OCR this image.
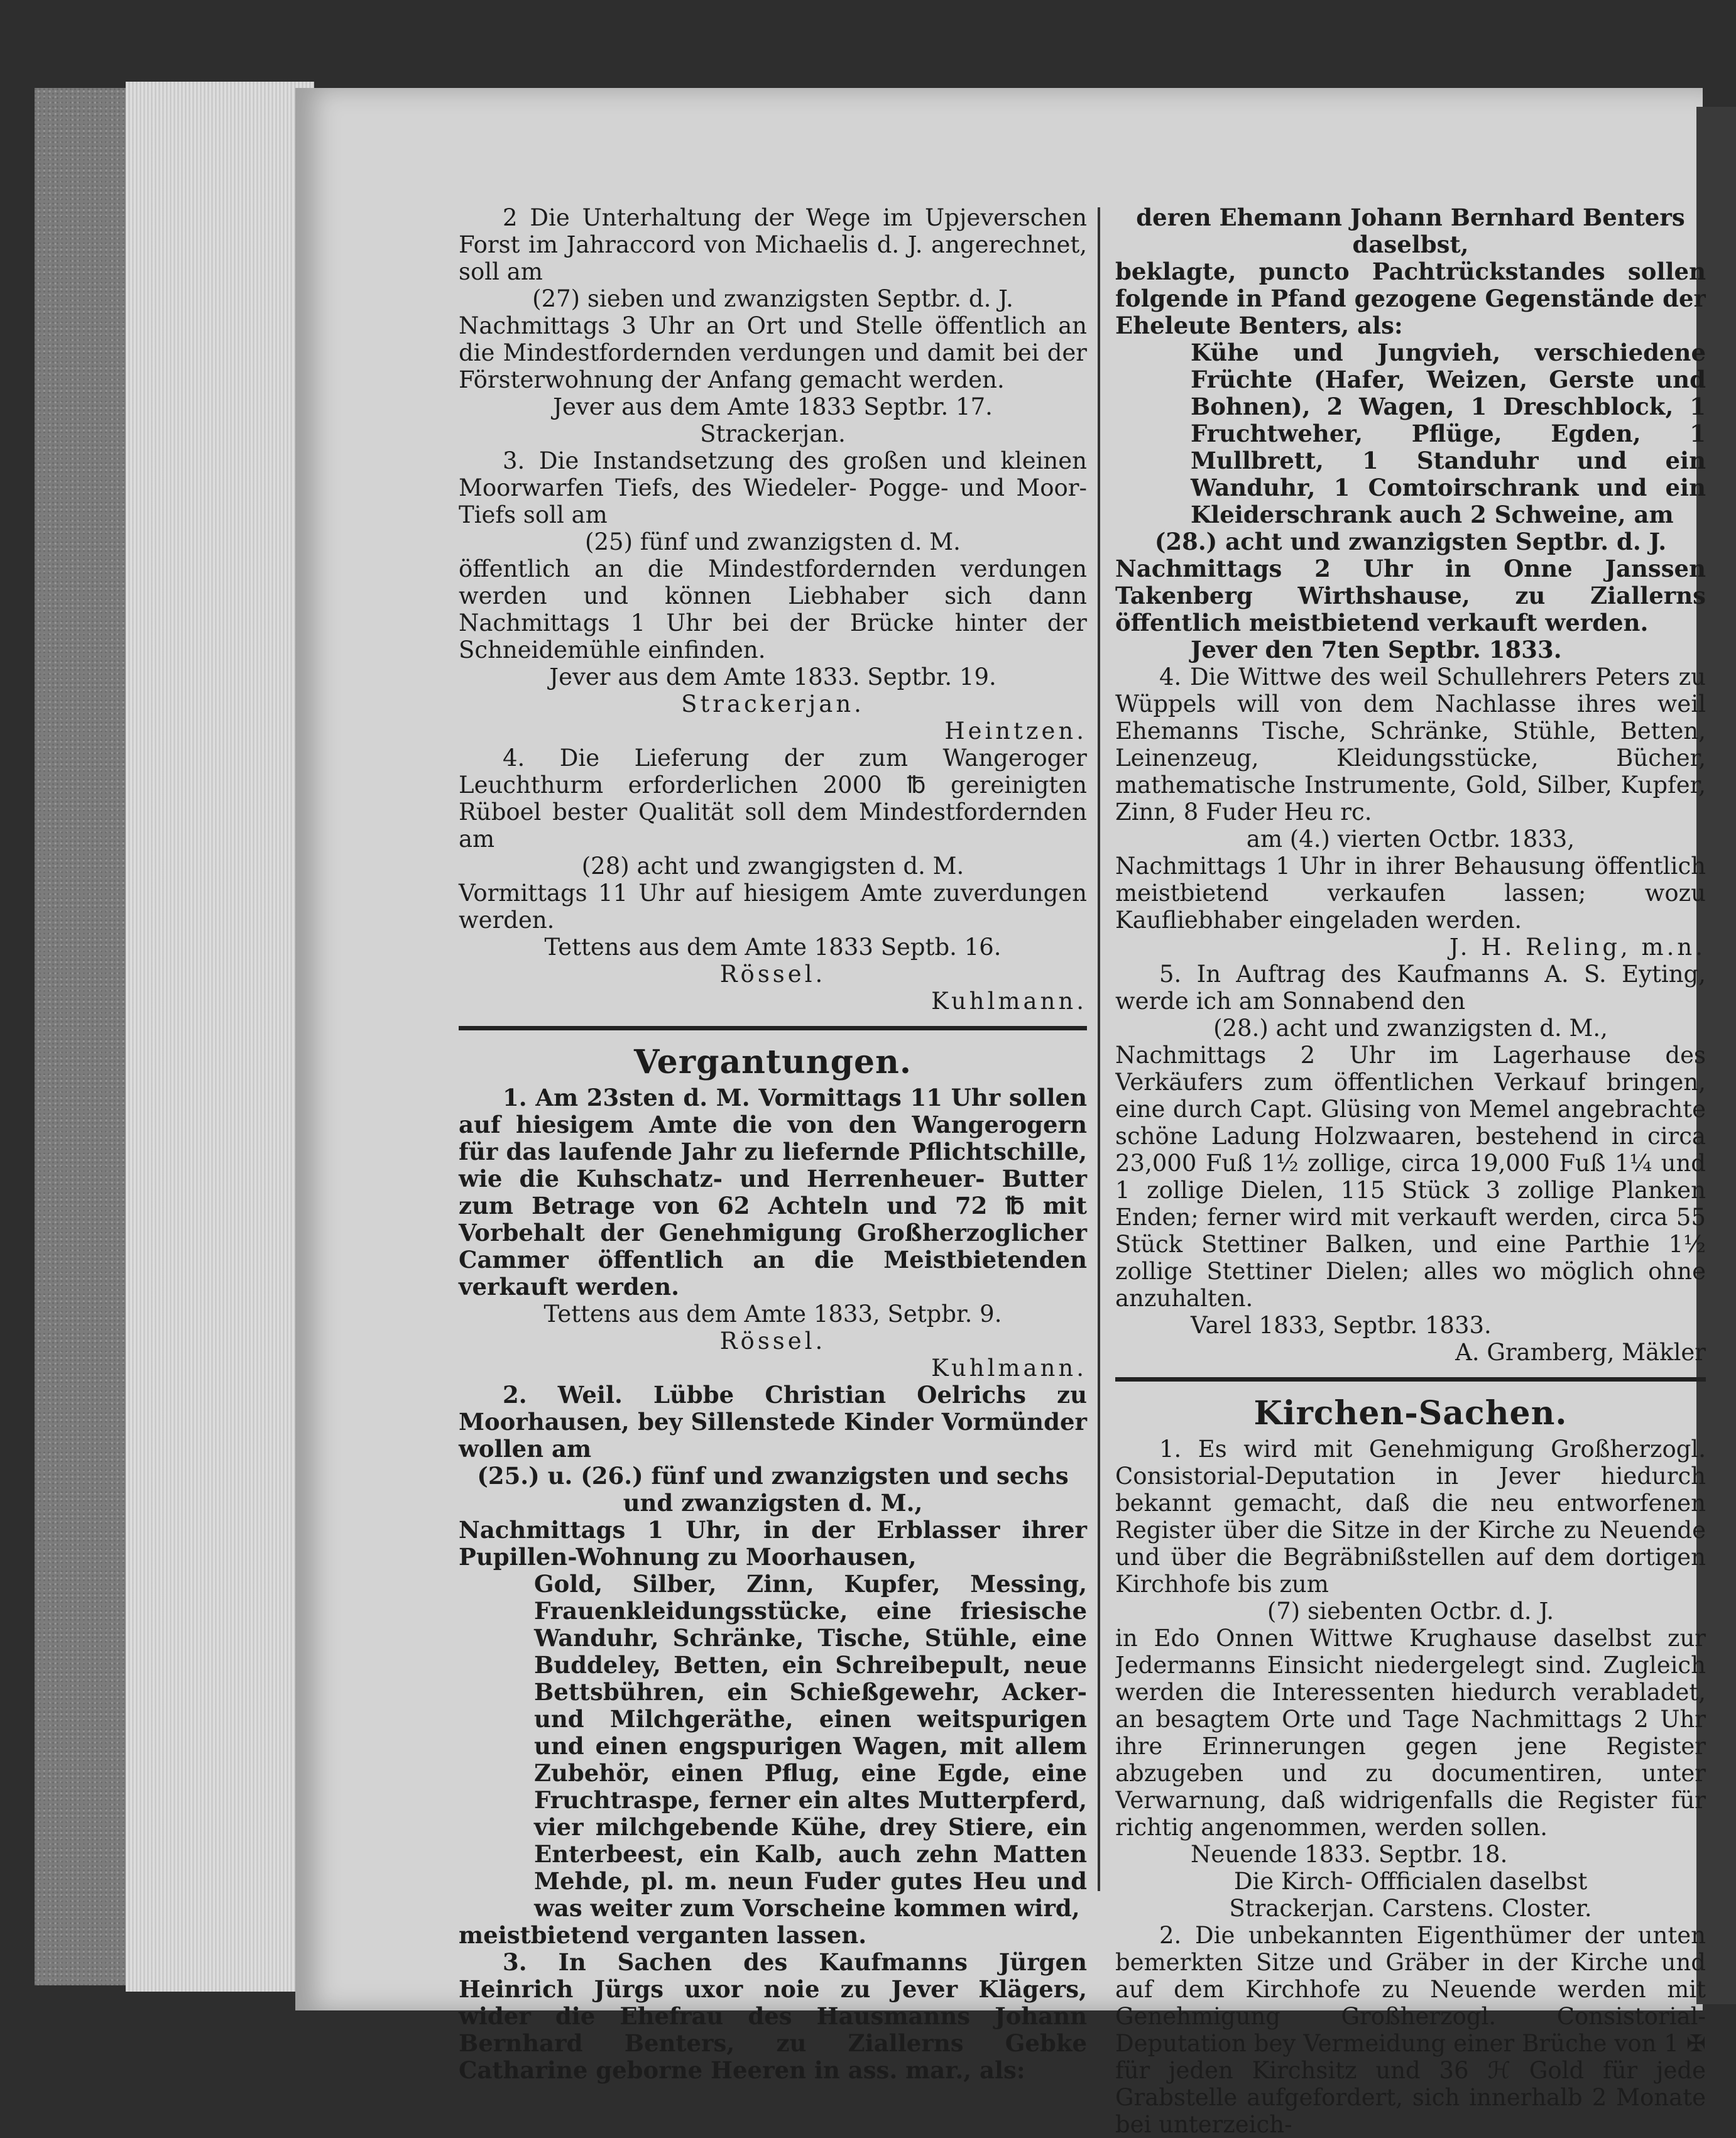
2 Die Unterhaltung der Wege im Upjeverschen Forst im Jahraccord von Michaelis d. J. angerechnet, soll am

(27) sieben und zwanzigsten Septbr. d. J.

Nachmittags 3 Uhr an Ort und Stelle öffentlich an die Mindestfordernden verdungen und damit bei der Försterwohnung der Anfang gemacht werden.

Jever aus dem Amte 1833 Septbr. 17.

Strackerjan.

3. Die Instandsetzung des großen und kleinen Moorwarfen Tiefs, des Wiedeler- Pogge- und Moor-Tiefs soll am

(25) fünf und zwanzigsten d. M.

öffentlich an die Mindestfordernden verdungen werden und können Liebhaber sich dann Nachmittags 1 Uhr bei der Brücke hinter der Schneidemühle einfinden.

Jever aus dem Amte 1833. Septbr. 19.

Strackerjan.

Heintzen.

4. Die Lieferung der zum Wangeroger Leuchthurm erforderlichen 2000 ℔ gereinigten Rüboel bester Qualität soll dem Mindestfordernden am

(28) acht und zwangigsten d. M.

Vormittags 11 Uhr auf hiesigem Amte zuverdungen werden.

Tettens aus dem Amte 1833 Septb. 16.

Rössel.

Kuhlmann.

Vergantungen.

1. Am 23sten d. M. Vormittags 11 Uhr sollen auf hiesigem Amte die von den Wangerogern für das laufende Jahr zu liefernde Pflichtschille, wie die Kuhschatz- und Herrenheuer- Butter zum Betrage von 62 Achteln und 72 ℔ mit Vorbehalt der Genehmigung Großherzoglicher Cammer öffentlich an die Meistbietenden verkauft werden.

Tettens aus dem Amte 1833, Setpbr. 9.

Rössel.

Kuhlmann.

2. Weil. Lübbe Christian Oelrichs zu Moorhausen, bey Sillenstede Kinder Vormünder wollen am

(25.) u. (26.) fünf und zwanzigsten und sechs und zwanzigsten d. M.,

Nachmittags 1 Uhr, in der Erblasser ihrer Pupillen-Wohnung zu Moorhausen,

Gold, Silber, Zinn, Kupfer, Messing, Frauenkleidungsstücke, eine friesische Wanduhr, Schränke, Tische, Stühle, eine Buddeley, Betten, ein Schreibepult, neue Bettsbühren, ein Schießgewehr, Acker- und Milchgeräthe, einen weitspurigen und einen engspurigen Wagen, mit allem Zubehör, einen Pflug, eine Egde, eine Fruchtraspe, ferner ein altes Mutterpferd, vier milchgebende Kühe, drey Stiere, ein Enterbeest, ein Kalb, auch zehn Matten Mehde, pl. m. neun Fuder gutes Heu und was weiter zum Vorscheine kommen wird,

meistbietend verganten lassen.

3. In Sachen des Kaufmanns Jürgen Heinrich Jürgs uxor noie zu Jever Klägers, wider die Ehefrau des Hausmanns Johann Bernhard Benters, zu Ziallerns Gebke Catharine geborne Heeren in ass. mar., als:

deren Ehemann Johann Bernhard Benters daselbst,

beklagte, puncto Pachtrückstandes sollen folgende in Pfand gezogene Gegenstände der Eheleute Benters, als:

Kühe und Jungvieh, verschiedene Früchte (Hafer, Weizen, Gerste und Bohnen), 2 Wagen, 1 Dreschblock, 1 Fruchtweher, Pflüge, Egden, 1 Mullbrett, 1 Standuhr und ein Wanduhr, 1 Comtoirschrank und ein Kleiderschrank auch 2 Schweine, am

(28.) acht und zwanzigsten Septbr. d. J.

Nachmittags 2 Uhr in Onne Janssen Takenberg Wirthshause, zu Ziallerns öffentlich meistbietend verkauft werden.

Jever den 7ten Septbr. 1833.

4. Die Wittwe des weil Schullehrers Peters zu Wüppels will von dem Nachlasse ihres weil Ehemanns Tische, Schränke, Stühle, Betten, Leinenzeug, Kleidungsstücke, Bücher, mathematische Instrumente, Gold, Silber, Kupfer, Zinn, 8 Fuder Heu rc.

am (4.) vierten Octbr. 1833,

Nachmittags 1 Uhr in ihrer Behausung öffentlich meistbietend verkaufen lassen; wozu Kaufliebhaber eingeladen werden.

J. H. Reling, m.n.

5. In Auftrag des Kaufmanns A. S. Eyting, werde ich am Sonnabend den

(28.) acht und zwanzigsten d. M.,

Nachmittags 2 Uhr im Lagerhause des Verkäufers zum öffentlichen Verkauf bringen, eine durch Capt. Glüsing von Memel angebrachte schöne Ladung Holzwaaren, bestehend in circa 23,000 Fuß 1½ zollige, circa 19,000 Fuß 1¼ und 1 zollige Dielen, 115 Stück 3 zollige Planken Enden; ferner wird mit verkauft werden, circa 55 Stück Stettiner Balken, und eine Parthie 1½ zollige Stettiner Dielen; alles wo möglich ohne anzuhalten.

Varel 1833, Septbr. 1833.

A. Gramberg, Mäkler

Kirchen-Sachen.

1. Es wird mit Genehmigung Großherzogl. Consistorial-Deputation in Jever hiedurch bekannt gemacht, daß die neu entworfenen Register über die Sitze in der Kirche zu Neuende und über die Begräbnißstellen auf dem dortigen Kirchhofe bis zum

(7) siebenten Octbr. d. J.

in Edo Onnen Wittwe Krughause daselbst zur Jedermanns Einsicht niedergelegt sind. Zugleich werden die Interessenten hiedurch verabladet, an besagtem Orte und Tage Nachmittags 2 Uhr ihre Erinnerungen gegen jene Register abzugeben und zu documentiren, unter Verwarnung, daß widrigenfalls die Register für richtig angenommen, werden sollen.

Neuende 1833. Septbr. 18.

Die Kirch- Offficialen daselbst

Strackerjan. Carstens. Closter.

2. Die unbekannten Eigenthümer der unten bemerkten Sitze und Gräber in der Kirche und auf dem Kirchhofe zu Neuende werden mit Genehmigung Großherzogl. Consistorial-Deputation bey Vermeidung einer Brüche von 1 ✠ für jeden Kirchsitz und 36 ℋ Gold für jede Grabstelle aufgefordert, sich innerhalb 2 Monate bei unterzeich-
